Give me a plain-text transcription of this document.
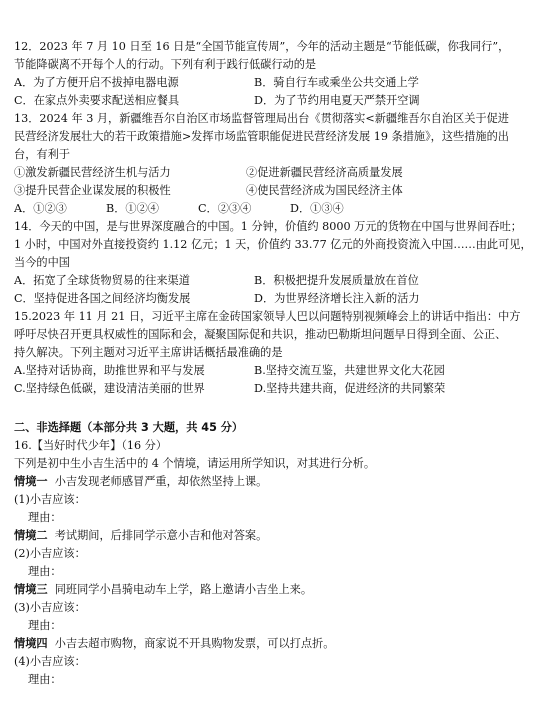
12．2023 年 7 月 10 日至 16 日是“全国节能宣传周”，今年的活动主题是“节能低碳，你我同行”，
节能降碳离不开每个人的行动。下列有利于践行低碳行动的是
A．为了方便开启不拔掉电器电源	B．骑自行车或乘坐公共交通上学
C．在家点外卖要求配送相应餐具	D．为了节约用电夏天严禁开空调
13．2024 年 3 月，新疆维吾尔自治区市场监督管理局出台《贯彻落实<新疆维吾尔自治区关于促进
民营经济发展壮大的若干政策措施>发挥市场监管职能促进民营经济发展 19 条措施》，这些措施的出
台，有利于
①激发新疆民营经济生机与活力	②促进新疆民营经济高质量发展
③提升民营企业谋发展的积极性	④使民营经济成为国民经济主体
A．①②③	B．①②④	C．②③④	D．①③④
14．今天的中国，是与世界深度融合的中国。1 分钟，价值约 8000 万元的货物在中国与世界间吞吐；
1 小时，中国对外直接投资约 1.12 亿元；1 天，价值约 33.77 亿元的外商投资流入中国……由此可见，
当今的中国
A．拓宽了全球货物贸易的往来渠道	B．积极把提升发展质量放在首位
C．坚持促进各国之间经济均衡发展	D．为世界经济增长注入新的活力
15.2023 年 11 月 21 日，习近平主席在金砖国家领导人巴以问题特别视频峰会上的讲话中指出：中方
呼吁尽快召开更具权威性的国际和会，凝聚国际促和共识，推动巴勒斯坦问题早日得到全面、公正、
持久解决。下列主题对习近平主席讲话概括最准确的是
A.坚持对话协商，助推世界和平与发展	B.坚持交流互鉴，共建世界文化大花园
C.坚持绿色低碳，建设清洁美丽的世界	D.坚持共建共商，促进经济的共同繁荣
二、非选择题（本部分共 3 大题，共 45 分）
16.【当好时代少年】（16 分）
下列是初中生小吉生活中的 4 个情境，请运用所学知识，对其进行分析。
情境一 小吉发现老师感冒严重，却依然坚持上课。
(1)小吉应该：
理由：
情境二 考试期间，后排同学示意小吉和他对答案。
(2)小吉应该：
理由：
情境三 同班同学小昌骑电动车上学，路上邀请小吉坐上来。
(3)小吉应该：
理由：
情境四 小吉去超市购物，商家说不开具购物发票，可以打点折。
(4)小吉应该：
理由：
